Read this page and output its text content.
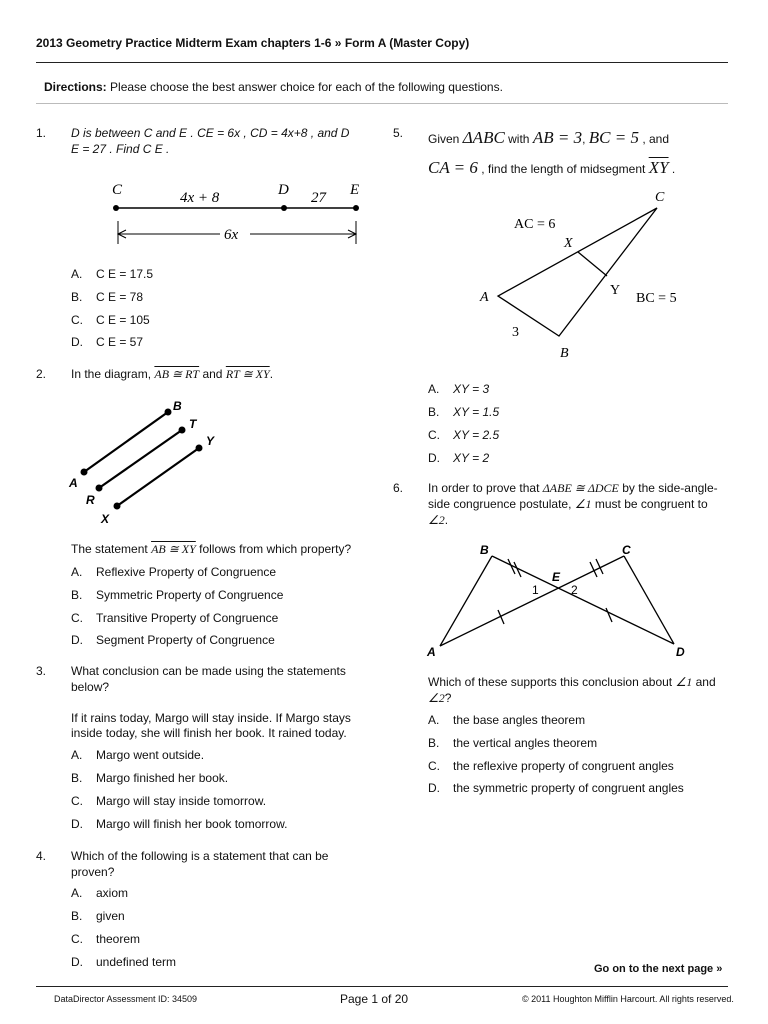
2013 Geometry Practice Midterm Exam chapters 1-6 » Form A (Master Copy)
Directions: Please choose the best answer choice for each of the following questions.
1.	D is between C and E . CE = 6x , CD = 4x+8 , and D
E = 27 . Find C E .
C	4x + 8	D 27 E
6x
A. C E = 17.5
B. C E = 78
C. C E = 105
D. C E = 57
2.	In the diagram, AB ≅ RT and RT ≅ XY.
A
B
R
T
X
Y
The statement AB ≅ XY follows from which property?
A. Reflexive Property of Congruence
B. Symmetric Property of Congruence
C. Transitive Property of Congruence
D. Segment Property of Congruence
3.	What conclusion can be made using the statements
below?
If it rains today, Margo will stay inside. If Margo stays
inside today, she will finish her book. It rained today.
A. Margo went outside.
B. Margo finished her book.
C. Margo will stay inside tomorrow.
D. Margo will finish her book tomorrow.
4.	Which of the following is a statement that can be
proven?
A. axiom
B. given
C. theorem
D. undefined term
5.	Given ΔABC with AB = 3, BC = 5 , and
CA = 6 , find the length of midsegment $\overline{XY}$ .
C
AC = 6
X
Y
A	BC = 5
3
B
A. XY = 3
B. XY = 1.5
C. XY = 2.5
D. XY = 2
6.	In order to prove that ΔABE ≅ ΔDCE by the side-angle-
side congruence postulate, ∠1 must be congruent to
∠2.
B	C
E
1	2
A	D
Which of these supports this conclusion about ∠1 and
∠2?
A. the base angles theorem
B. the vertical angles theorem
C. the reflexive property of congruent angles
D. the symmetric property of congruent angles
Go on to the next page »
DataDirector Assessment ID: 34509	Page 1 of 20	© 2011 Houghton Mifflin Harcourt. All rights reserved.
